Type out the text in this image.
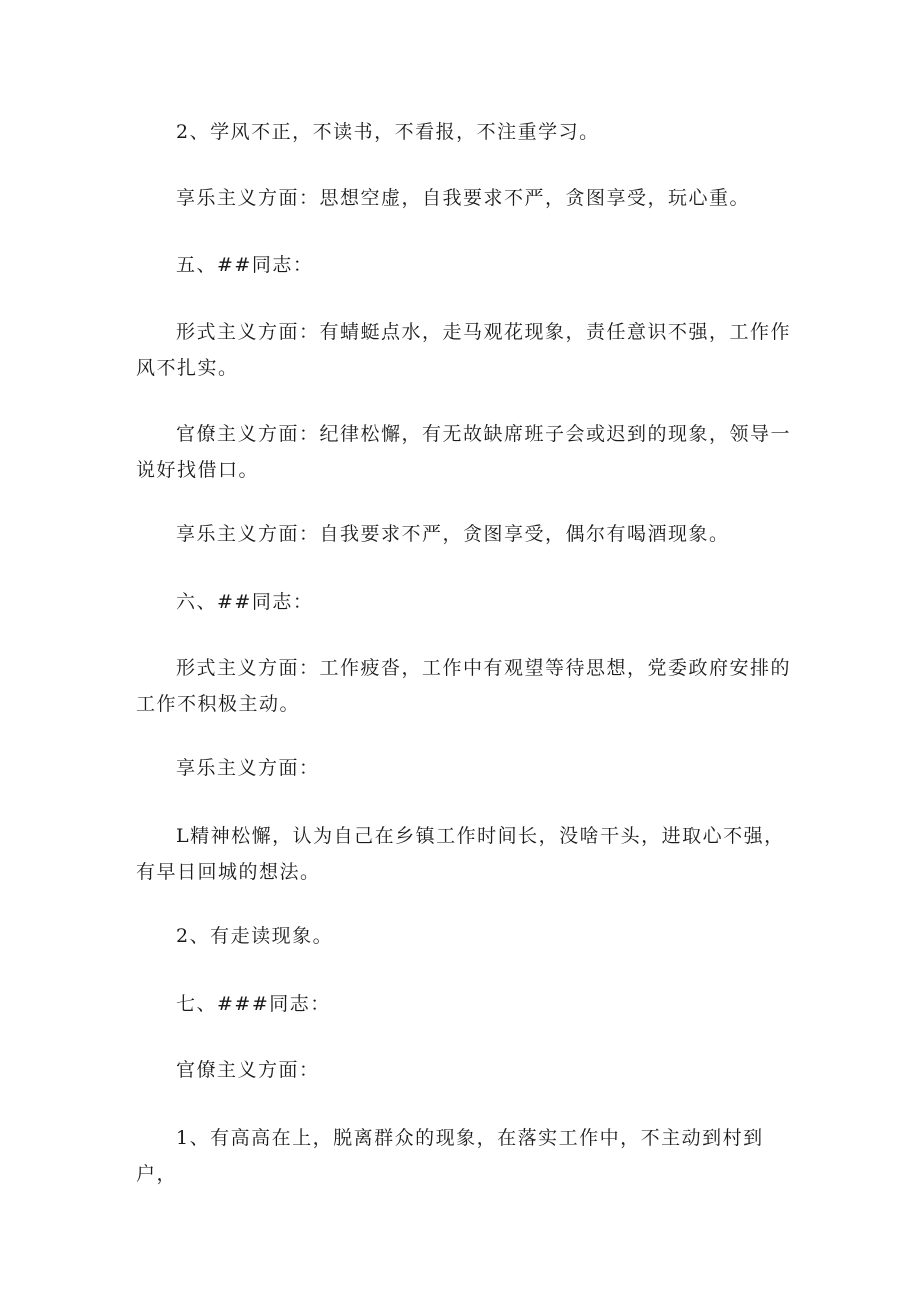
2、学风不正，不读书，不看报，不注重学习。

享乐主义方面：思想空虚，自我要求不严，贪图享受，玩心重。

五、##同志：

形式主义方面：有蜻蜓点水，走马观花现象，责任意识不强，工作作风不扎实。

官僚主义方面：纪律松懈，有无故缺席班子会或迟到的现象，领导一说好找借口。

享乐主义方面：自我要求不严，贪图享受，偶尔有喝酒现象。

六、##同志：

形式主义方面：工作疲沓，工作中有观望等待思想，党委政府安排的工作不积极主动。

享乐主义方面：

L精神松懈，认为自己在乡镇工作时间长，没啥干头，进取心不强，有早日回城的想法。

2、有走读现象。

七、###同志：

官僚主义方面：

1、有高高在上，脱离群众的现象，在落实工作中，不主动到村到户，
